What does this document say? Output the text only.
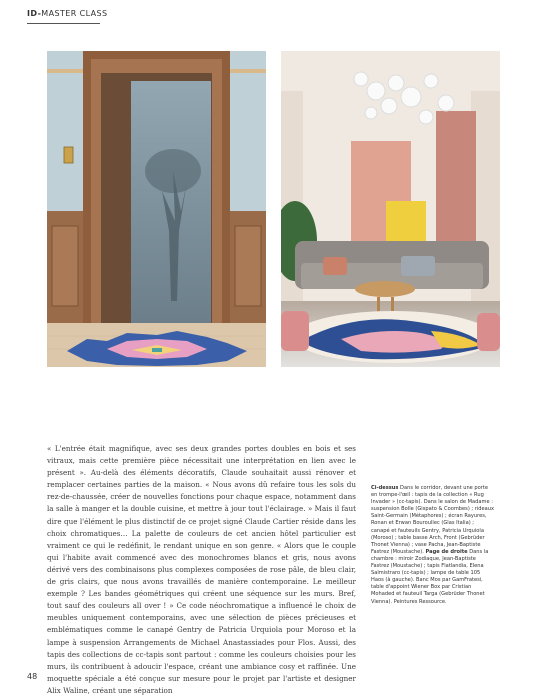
ID-MASTER CLASS

« L'entrée était magnifique, avec ses deux grandes portes doubles en bois et ses vitraux, mais cette première pièce nécessitait une interprétation en lien avec le présent ». Au-delà des éléments décoratifs, Claude souhaitait aussi rénover et remplacer certaines parties de la maison. « Nous avons dû refaire tous les sols du rez-de-chaussée, créer de nouvelles fonctions pour chaque espace, notamment dans la salle à manger et la double cuisine, et mettre à jour tout l'éclairage. » Mais il faut dire que l'élément le plus distinctif de ce projet signé Claude Cartier réside dans les choix chromatiques… La palette de couleurs de cet ancien hôtel particulier est vraiment ce qui le redéfinit, le rendant unique en son genre. « Alors que le couple qui l'habite avait commencé avec des monochromes blancs et gris, nous avons dérivé vers des combinaisons plus complexes composées de rose pâle, de bleu clair, de gris clairs, que nous avons travaillés de manière contemporaine. Le meilleur exemple ? Les bandes géométriques qui créent une séquence sur les murs. Bref, tout sauf des couleurs all over ! » Ce code néochromatique a influencé le choix de meubles uniquement contemporains, avec une sélection de pièces précieuses et emblématiques comme le canapé Gentry de Patricia Urquiola pour Moroso et la lampe à suspension Arrangements de Michael Anastassiades pour Flos. Aussi, des tapis des collections de cc-tapis sont partout : comme les couleurs choisies pour les murs, ils contribuent à adoucir l'espace, créant une ambiance cosy et raffinée. Une moquette spéciale a été conçue sur mesure pour le projet par l'artiste et designer Alix Waline, créant une séparation

Ci-dessus Dans le corridor, devant une porte en trompe-l'œil : tapis de la collection « Rug Invader » (cc-tapis). Dans le salon de Madame : suspension Bolle (Gispato & Coombes) ; rideaux Saint-Germain (Métaphores) ; écran Rayures, Ronan et Erwan Bouroullec (Glas Italia) ; canapé et fauteuils Gentry, Patricia Urquiola (Moroso) ; table basse Arch, Front (Gebrüder Thonet Vienna) ; vase Pacha, Jean-Baptiste Fastrez (Moustache). Page de droite Dans la chambre : miroir Zodiaque, Jean-Baptiste Fastrez (Moustache) ; tapis Flatlandia, Elena Salmistraro (cc-tapis) ; lampe de table 105 Haos (à gauche). Banc Mos par GamFratesi, table d'appoint Wiener Box par Cristian Mohaded et fauteuil Targa (Gebrüder Thonet Vienna). Peintures Ressource.
48
